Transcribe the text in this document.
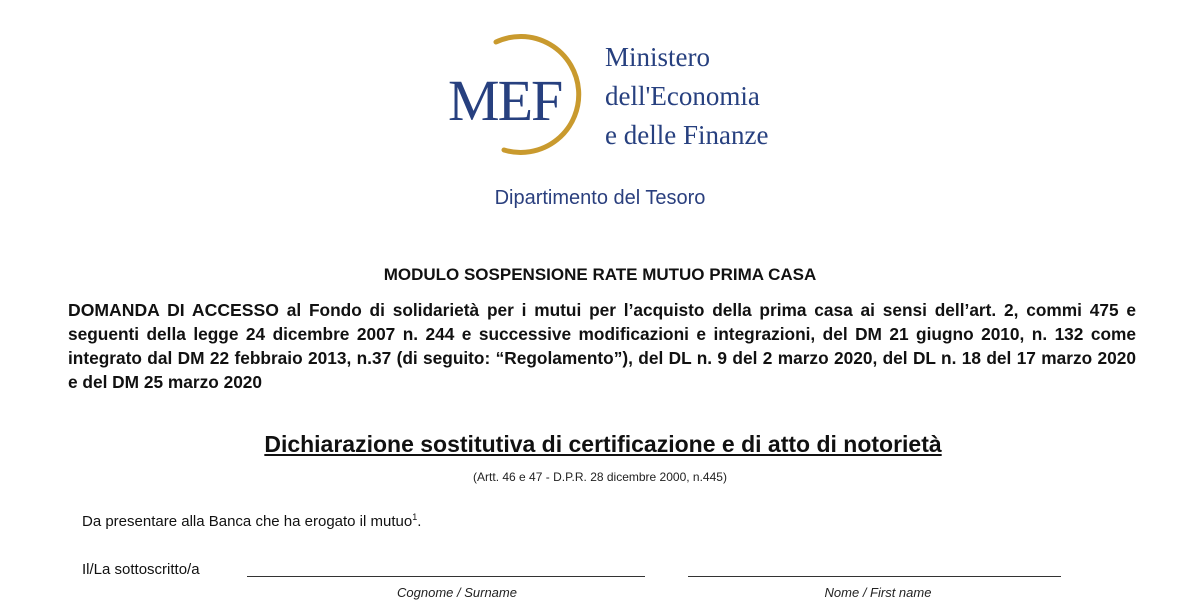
MEF
Ministero
dell'Economia
e delle Finanze
Dipartimento del Tesoro
MODULO SOSPENSIONE RATE MUTUO PRIMA CASA
DOMANDA DI ACCESSO al Fondo di solidarietà per i mutui per l’acquisto della prima casa ai sensi dell’art. 2, commi 475 e seguenti della legge 24 dicembre 2007 n. 244 e successive modificazioni e integrazioni, del DM 21 giugno 2010, n. 132 come integrato dal DM 22 febbraio 2013, n.37 (di seguito: “Regolamento”), del DL n. 9 del 2 marzo 2020, del DL n. 18 del 17 marzo 2020 e del DM 25 marzo 2020
Dichiarazione sostitutiva di certificazione e di atto di notorietà
(Artt. 46 e 47 - D.P.R. 28 dicembre 2000, n.445)
Da presentare alla Banca che ha erogato il mutuo$^1$.
Il/La sottoscritto/a
Cognome / Surname	Nome / First name
